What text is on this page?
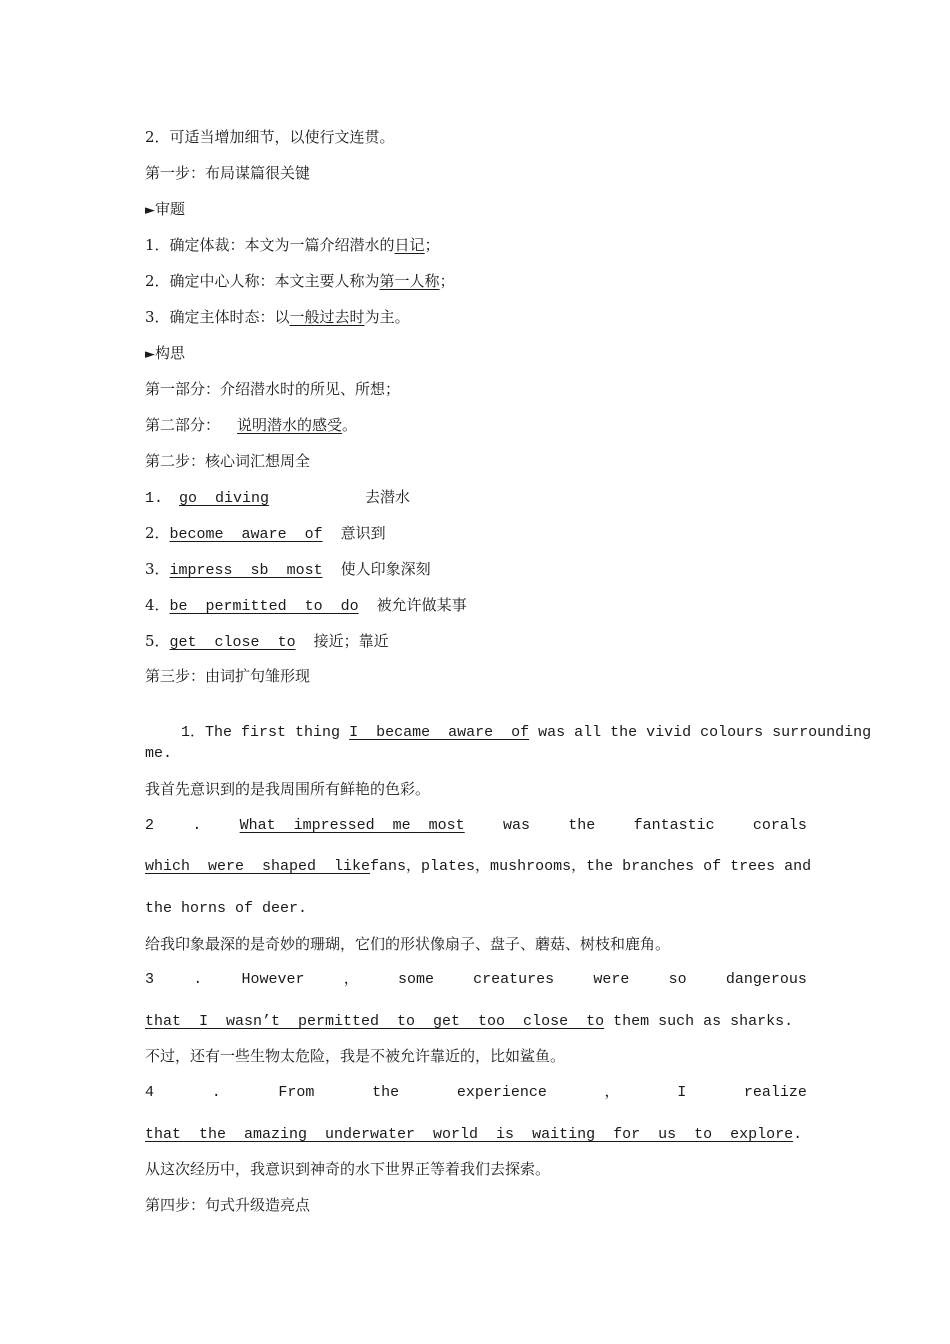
2．可适当增加细节，以使行文连贯。
第一步：布局谋篇很关键
►审题
1．确定体裁：本文为一篇介绍潜水的日记；
2．确定中心人称：本文主要人称为第一人称；
3．确定主体时态：以一般过去时为主。
►构思
第一部分：介绍潜水时的所见、所想；
第二部分： 说明潜水的感受。
第二步：核心词汇想周全
1. go  diving	去潜水
2．become  aware  of 意识到
3．impress  sb  most 使人印象深刻
4．be  permitted  to  do 被允许做某事
5．get  close  to 接近；靠近
第三步：由词扩句雏形现

1．The first thing I  became  aware  of was all the vivid colours surrounding

me.
我首先意识到的是我周围所有鲜艳的色彩。
2	.	What  impressed  me  most	was	the	fantastic	corals
which  were  shaped  like fans，plates，mushrooms，the branches of trees and
the horns of deer.
给我印象最深的是奇妙的珊瑚，它们的形状像扇子、盘子、蘑菇、树枝和鹿角。
3	.	However	，	some	creatures	were	so	dangerous
that  I  wasn’t  permitted  to  get  too  close  to them such as sharks.
不过，还有一些生物太危险，我是不被允许靠近的，比如鲨鱼。
4	.	From	the	experience	，	I	realize
that  the  amazing  underwater  world  is  waiting  for  us  to  explore.
从这次经历中，我意识到神奇的水下世界正等着我们去探索。
第四步：句式升级造亮点
